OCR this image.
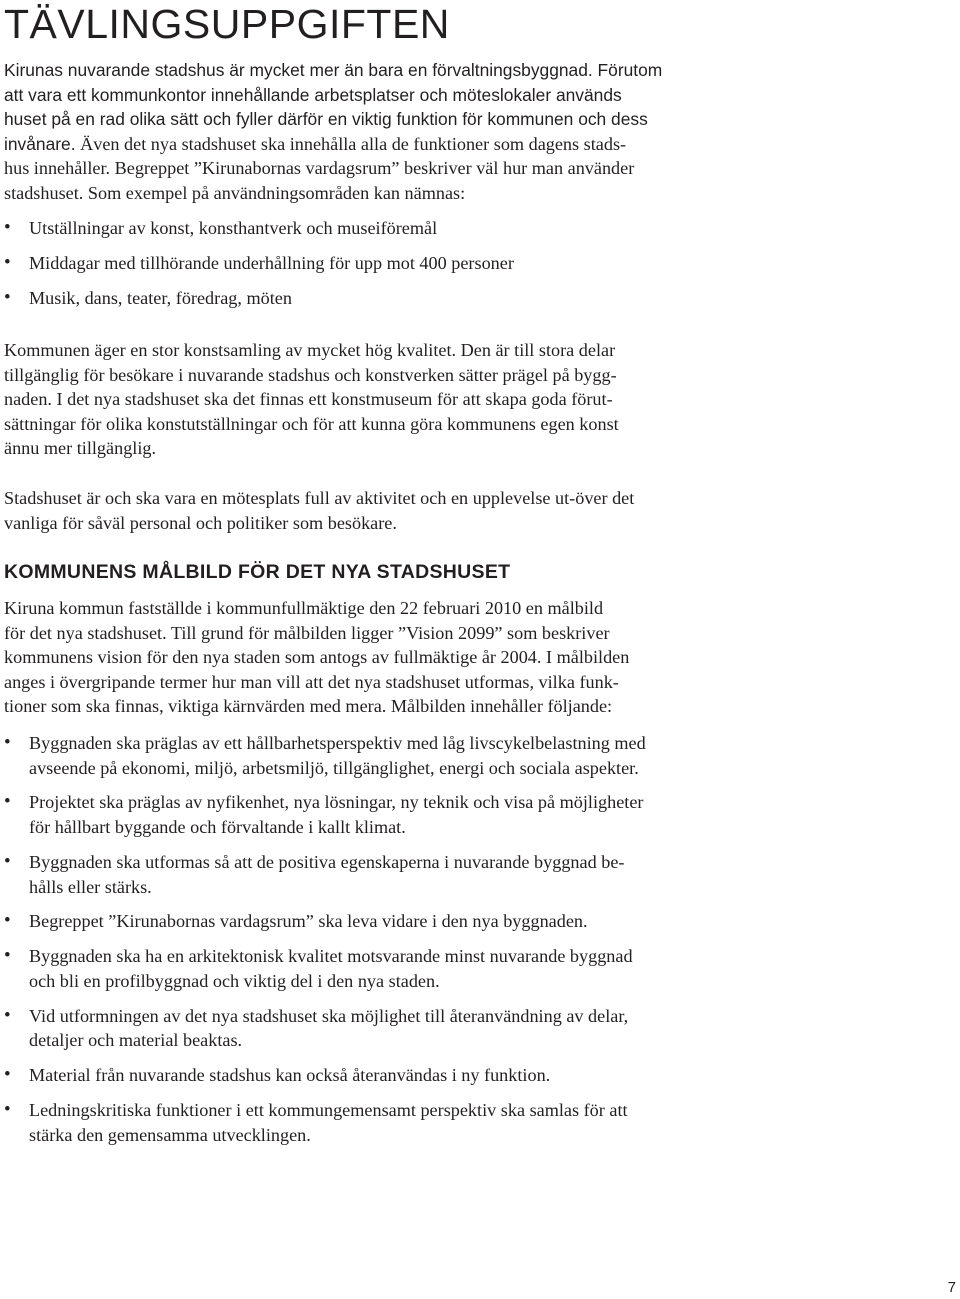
TÄVLINGSUPPGIFTEN

Kirunas nuvarande stadshus är mycket mer än bara en förvaltningsbyggnad. Förutom
att vara ett kommunkontor innehållande arbetsplatser och möteslokaler används
huset på en rad olika sätt och fyller därför en viktig funktion för kommunen och dess
invånare. Även det nya stadshuset ska innehålla alla de funktioner som dagens stads-
hus innehåller. Begreppet ”Kirunabornas vardagsrum” beskriver väl hur man använder
stadshuset. Som exempel på användningsområden kan nämnas:

• Utställningar av konst, konsthantverk och museiföremål
• Middagar med tillhörande underhållning för upp mot 400 personer
• Musik, dans, teater, föredrag, möten

Kommunen äger en stor konstsamling av mycket hög kvalitet. Den är till stora delar
tillgänglig för besökare i nuvarande stadshus och konstverken sätter prägel på bygg-
naden. I det nya stadshuset ska det finnas ett konstmuseum för att skapa goda förut-
sättningar för olika konstutställningar och för att kunna göra kommunens egen konst
ännu mer tillgänglig.

Stadshuset är och ska vara en mötesplats full av aktivitet och en upplevelse ut-över det
vanliga för såväl personal och politiker som besökare.

KOMMUNENS MÅLBILD FÖR DET NYA STADSHUSET

Kiruna kommun fastställde i kommunfullmäktige den 22 februari 2010 en målbild
för det nya stadshuset. Till grund för målbilden ligger ”Vision 2099” som beskriver
kommunens vision för den nya staden som antogs av fullmäktige år 2004. I målbilden
anges i övergripande termer hur man vill att det nya stadshuset utformas, vilka funk-
tioner som ska finnas, viktiga kärnvärden med mera. Målbilden innehåller följande:

• Byggnaden ska präglas av ett hållbarhetsperspektiv med låg livscykelbelastning med
avseende på ekonomi, miljö, arbetsmiljö, tillgänglighet, energi och sociala aspekter.
• Projektet ska präglas av nyfikenhet, nya lösningar, ny teknik och visa på möjligheter
för hållbart byggande och förvaltande i kallt klimat.
• Byggnaden ska utformas så att de positiva egenskaperna i nuvarande byggnad be-
hålls eller stärks.
• Begreppet ”Kirunabornas vardagsrum” ska leva vidare i den nya byggnaden.
• Byggnaden ska ha en arkitektonisk kvalitet motsvarande minst nuvarande byggnad
och bli en profilbyggnad och viktig del i den nya staden.
• Vid utformningen av det nya stadshuset ska möjlighet till återanvändning av delar,
detaljer och material beaktas.
• Material från nuvarande stadshus kan också återanvändas i ny funktion.
• Ledningskritiska funktioner i ett kommungemensamt perspektiv ska samlas för att
stärka den gemensamma utvecklingen.
7
